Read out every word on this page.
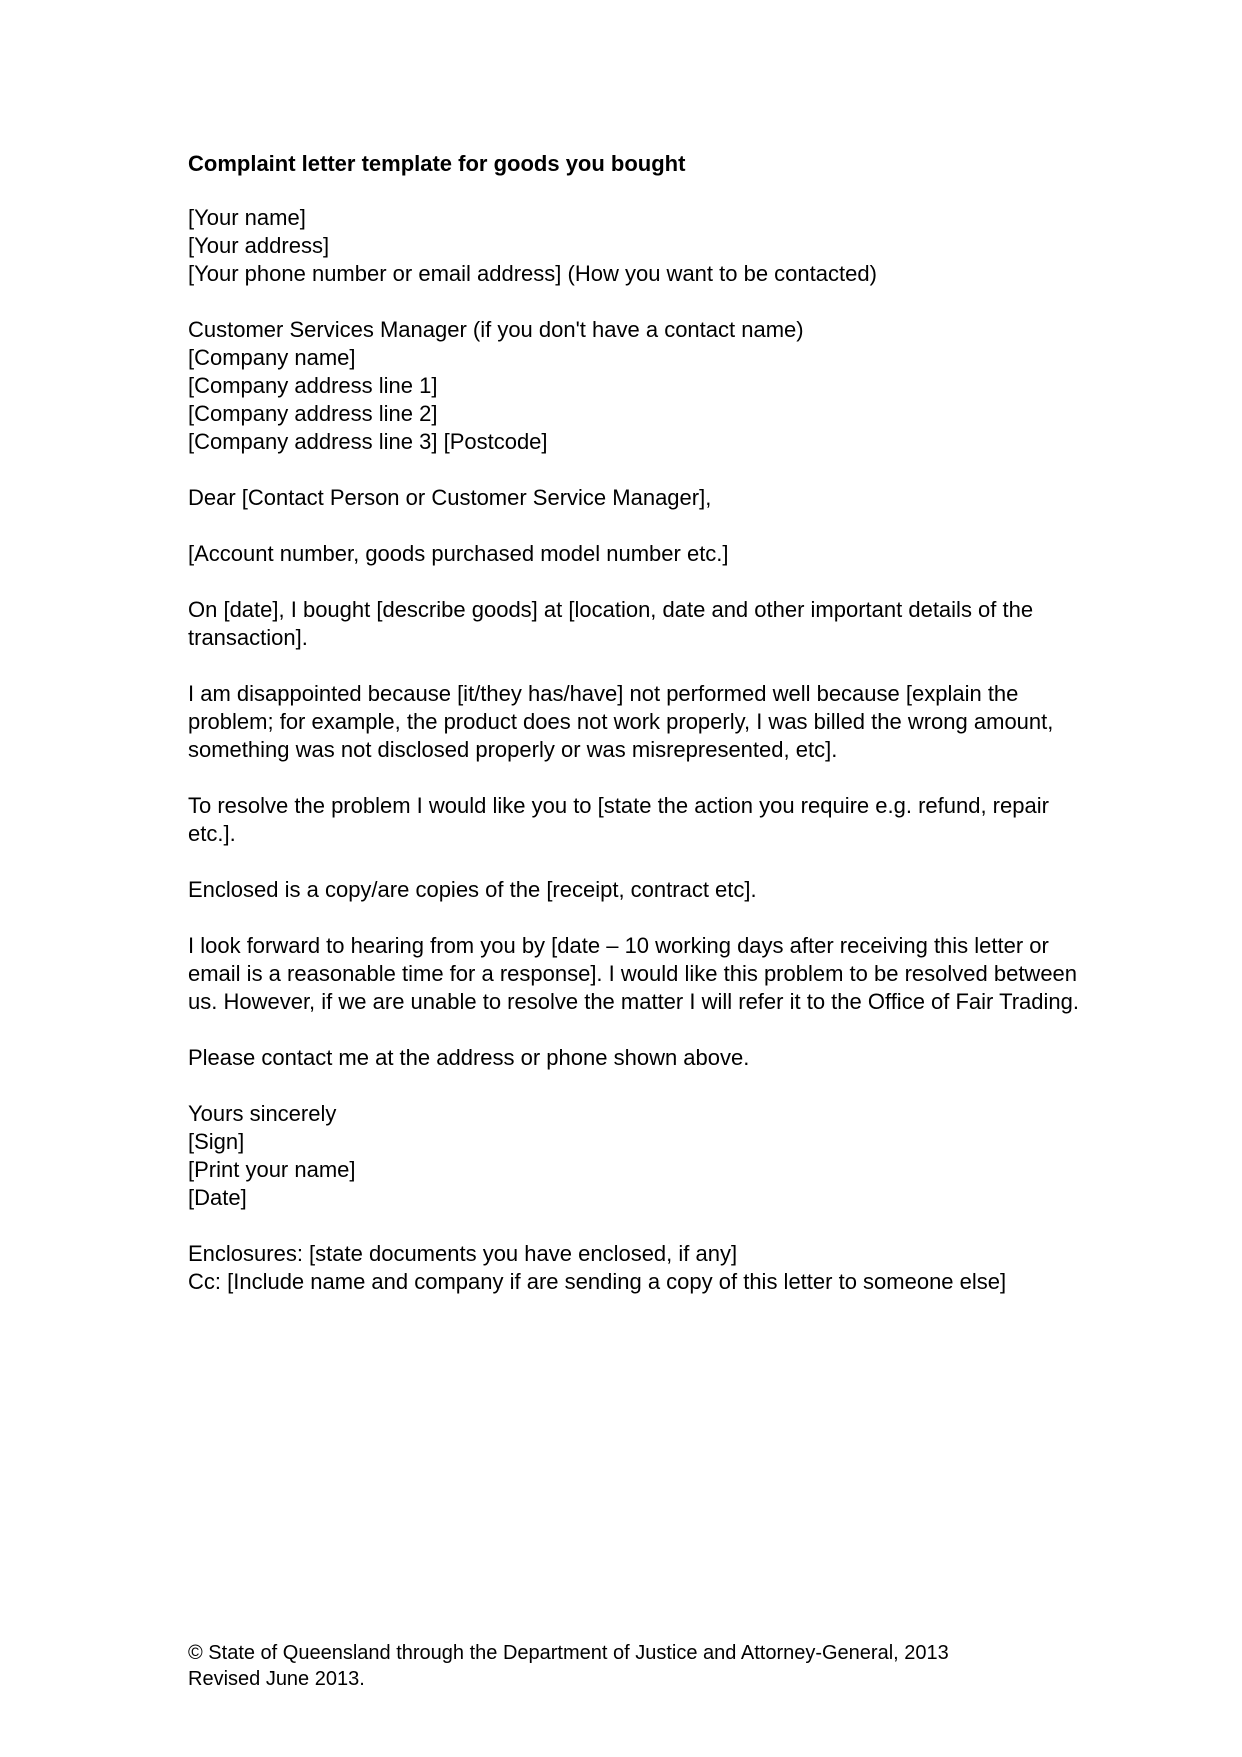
Complaint letter template for goods you bought
[Your name]
[Your address]
[Your phone number or email address] (How you want to be contacted)
Customer Services Manager (if you don't have a contact name)
[Company name]
[Company address line 1]
[Company address line 2]
[Company address line 3] [Postcode]
Dear [Contact Person or Customer Service Manager],
[Account number, goods purchased model number etc.]
On [date], I bought [describe goods] at [location, date and other important details of the transaction].
I am disappointed because [it/they has/have] not performed well because [explain the problem; for example, the product does not work properly, I was billed the wrong amount, something was not disclosed properly or was misrepresented, etc].
To resolve the problem I would like you to [state the action you require e.g. refund, repair etc.].
Enclosed is a copy/are copies of the [receipt, contract etc].
I look forward to hearing from you by [date – 10 working days after receiving this letter or email is a reasonable time for a response]. I would like this problem to be resolved between us. However, if we are unable to resolve the matter I will refer it to the Office of Fair Trading.
Please contact me at the address or phone shown above.
Yours sincerely
[Sign]
[Print your name]
[Date]
Enclosures: [state documents you have enclosed, if any]
Cc: [Include name and company if are sending a copy of this letter to someone else]
© State of Queensland through the Department of Justice and Attorney-General, 2013
Revised June 2013.
